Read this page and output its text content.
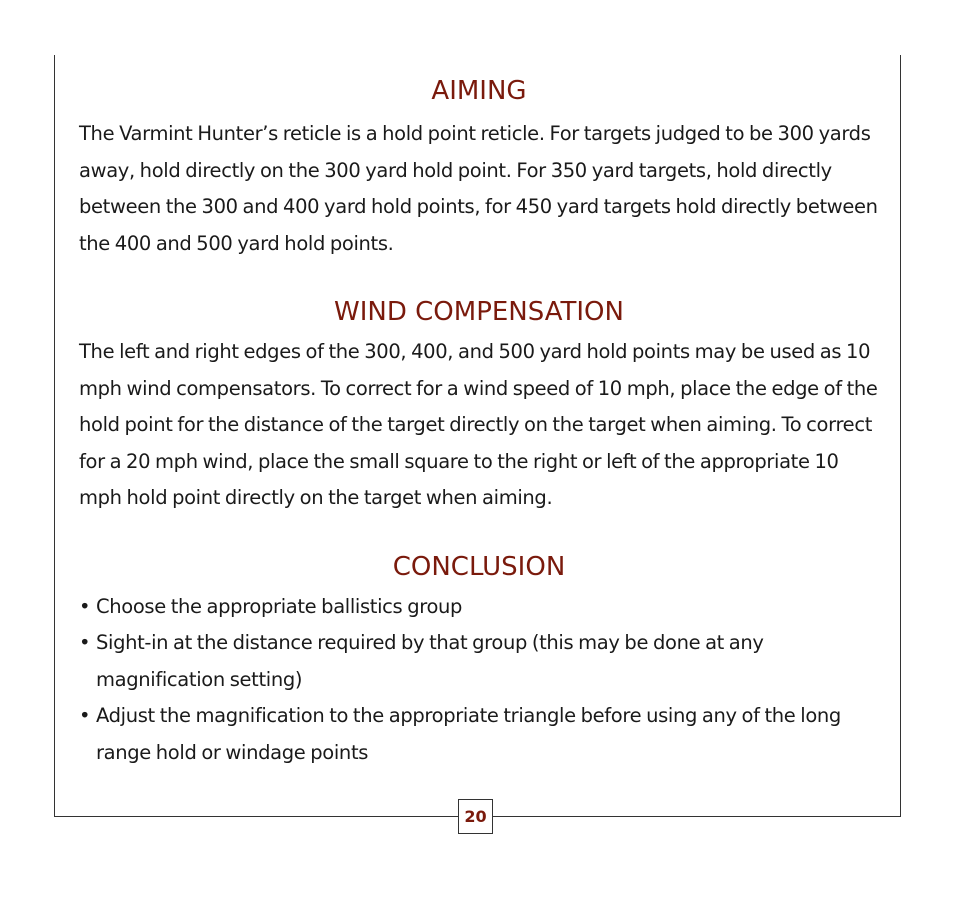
AIMING

The Varmint Hunter’s reticle is a hold point reticle. For targets judged to be 300 yards away, hold directly on the 300 yard hold point. For 350 yard targets, hold directly between the 300 and 400 yard hold points, for 450 yard targets hold directly between the 400 and 500 yard hold points.

WIND COMPENSATION

The left and right edges of the 300, 400, and 500 yard hold points may be used as 10 mph wind compensators. To correct for a wind speed of 10 mph, place the edge of the hold point for the distance of the target directly on the target when aiming. To correct for a 20 mph wind, place the small square to the right or left of the appropriate 10 mph hold point directly on the target when aiming.

CONCLUSION
• Choose the appropriate ballistics group
• Sight-in at the distance required by that group (this may be done at any magnification setting)
• Adjust the magnification to the appropriate triangle before using any of the long range hold or windage points
20
